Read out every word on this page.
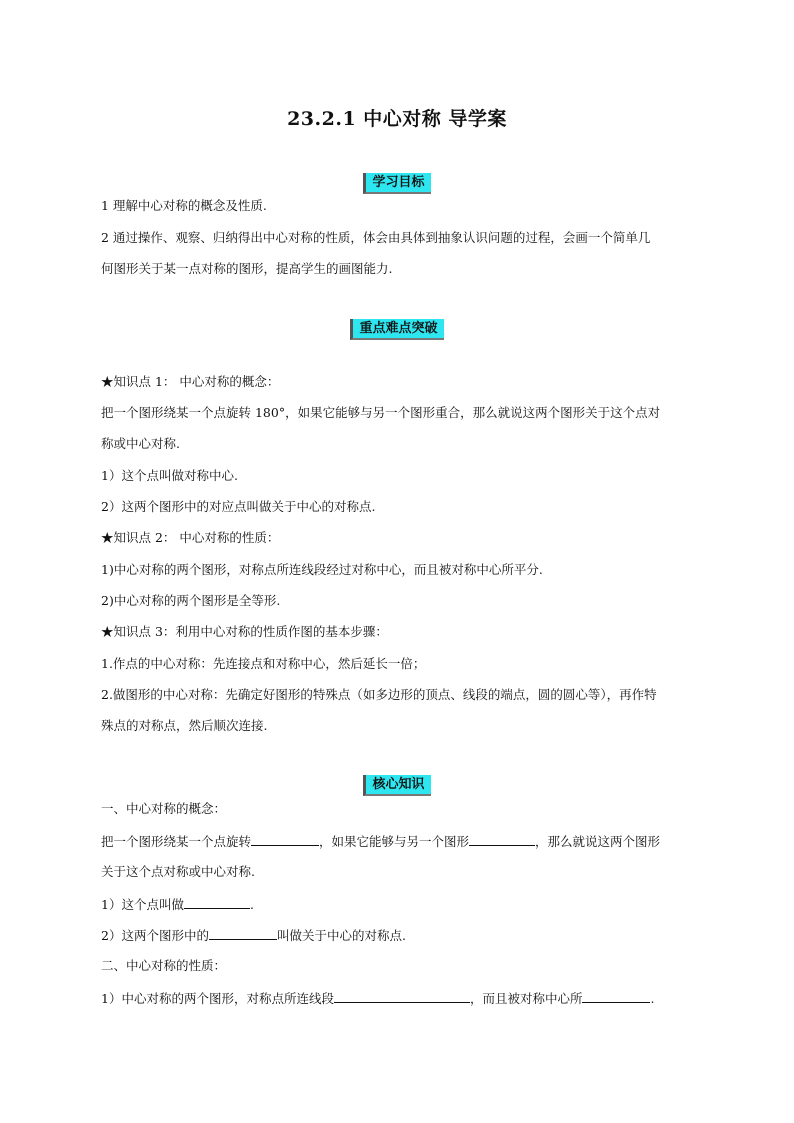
23.2.1 中心对称 导学案
学习目标
1 理解中心对称的概念及性质.
2 通过操作、观察、归纳得出中心对称的性质，体会由具体到抽象认识问题的过程，会画一个简单几
何图形关于某一点对称的图形，提高学生的画图能力.
重点难点突破
★知识点 1： 中心对称的概念：
把一个图形绕某一个点旋转 180°，如果它能够与另一个图形重合，那么就说这两个图形关于这个点对
称或中心对称.
1）这个点叫做对称中心.
2）这两个图形中的对应点叫做关于中心的对称点.
★知识点 2： 中心对称的性质：
1)中心对称的两个图形，对称点所连线段经过对称中心，而且被对称中心所平分.
2)中心对称的两个图形是全等形.
★知识点 3：利用中心对称的性质作图的基本步骤：
1.作点的中心对称：先连接点和对称中心，然后延长一倍；
2.做图形的中心对称：先确定好图形的特殊点（如多边形的顶点、线段的端点，圆的圆心等），再作特
殊点的对称点，然后顺次连接.
核心知识
一、中心对称的概念：
把一个图形绕某一个点旋转	，如果它能够与另一个图形	，那么就说这两个图形
关于这个点对称或中心对称.
1）这个点叫做	.
2）这两个图形中的	叫做关于中心的对称点.
二、中心对称的性质：
1）中心对称的两个图形，对称点所连线段	，而且被对称中心所	.
